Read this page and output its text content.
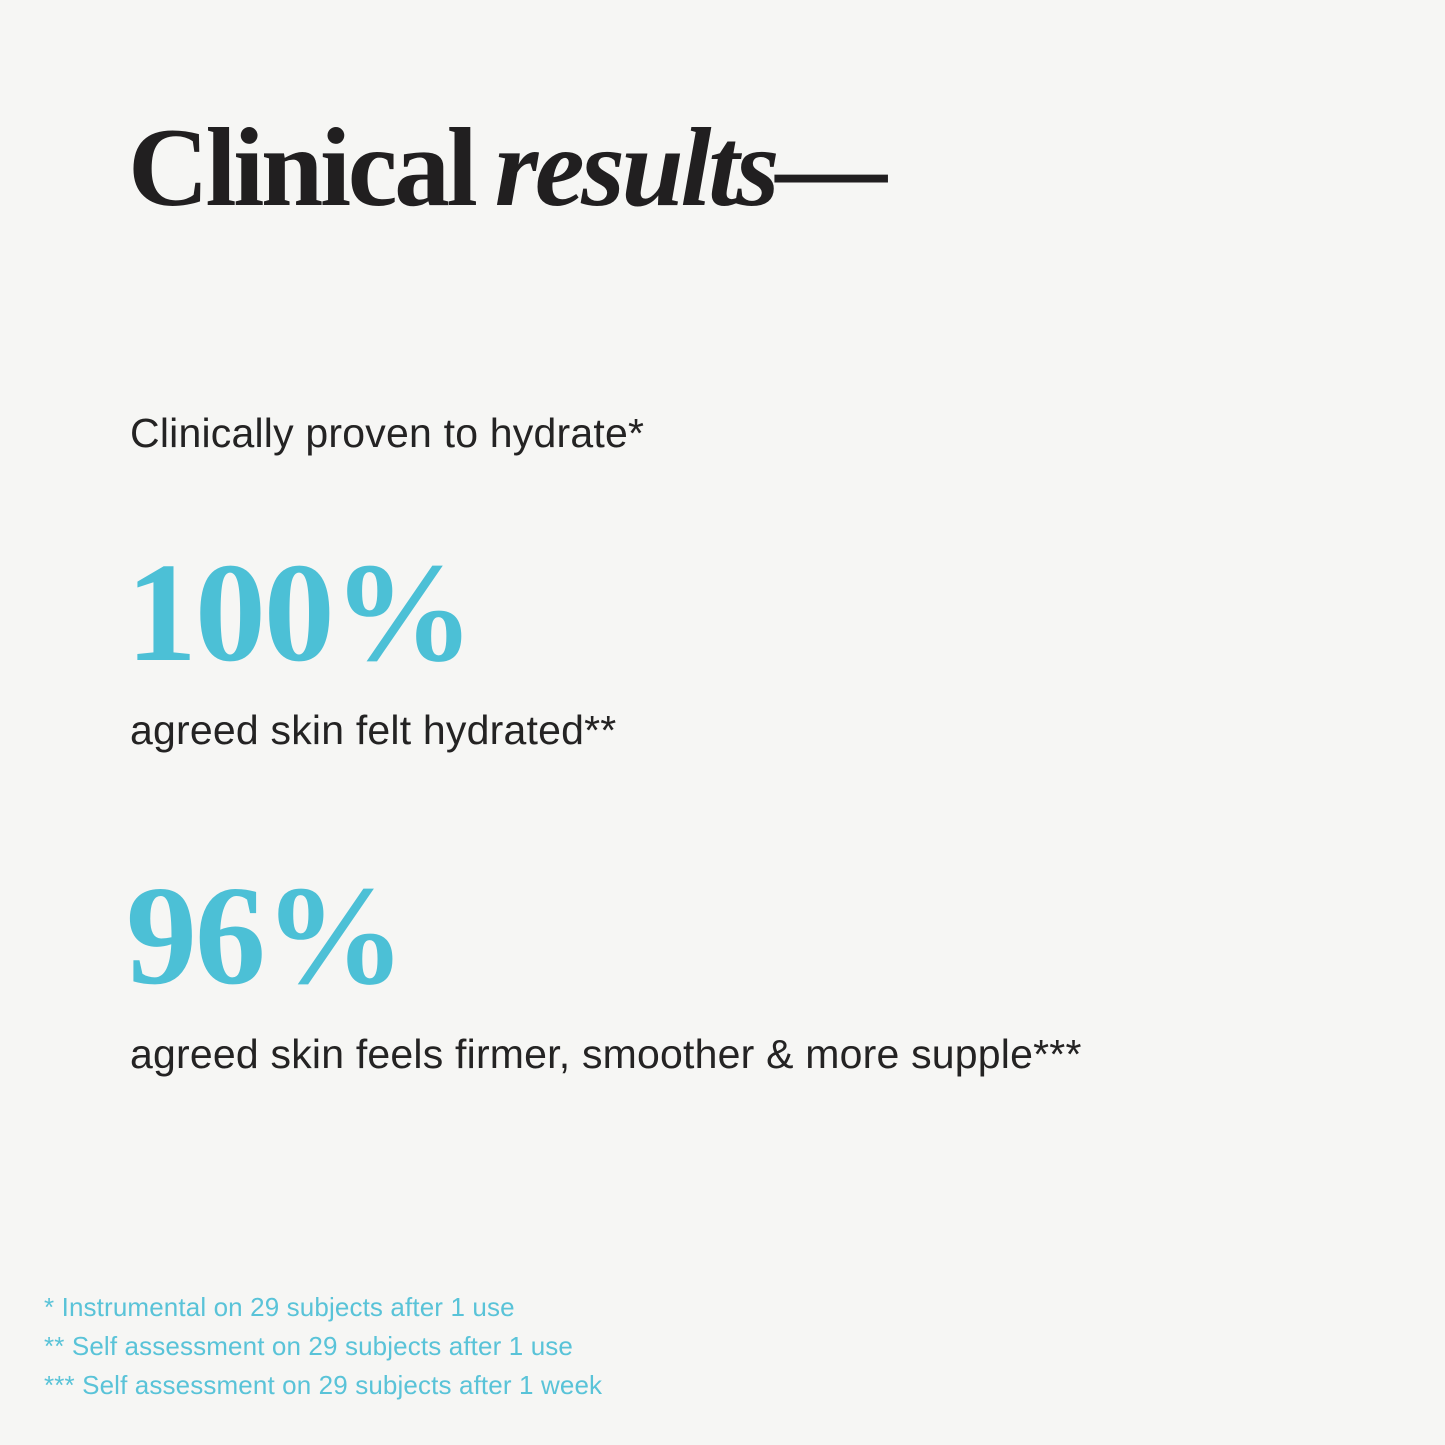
Clinical results—

Clinically proven to hydrate*

100%

agreed skin felt hydrated**

96%

agreed skin feels firmer, smoother & more supple***

* Instrumental on 29 subjects after 1 use

** Self assessment on 29 subjects after 1 use

*** Self assessment on 29 subjects after 1 week
